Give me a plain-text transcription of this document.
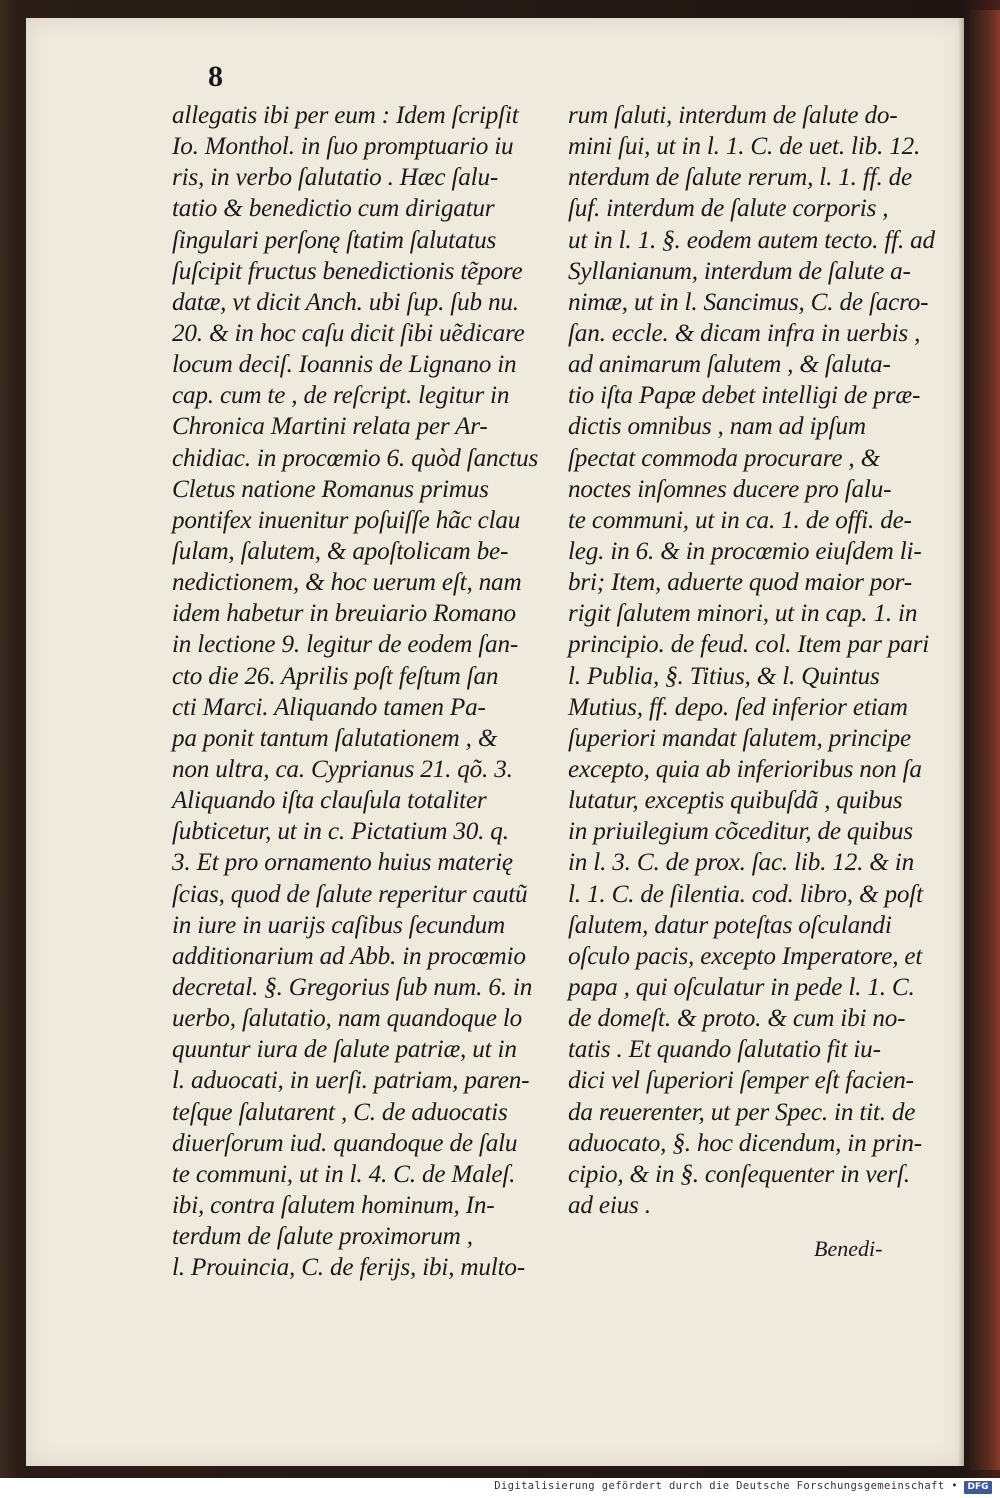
8
allegatis ibi per eum : Idem ſcripſit
Io. Monthol. in ſuo promptuario iu
ris, in verbo ſalutatio . Hæc ſalu-
tatio & benedictio cum dirigatur
ſingulari perſonę ſtatim ſalutatus
ſuſcipit fructus benedictionis tẽpore
datæ, vt dicit Anch. ubi ſup. ſub nu.
20. & in hoc caſu dicit ſibi uẽdicare
locum deciſ. Ioannis de Lignano in
cap. cum te , de reſcript. legitur in
Chronica Martini relata per Ar-
chidiac. in procœmio 6. quòd ſanctus
Cletus natione Romanus primus
pontifex inuenitur poſuiſſe hãc clau
ſulam, ſalutem, & apoſtolicam be-
nedictionem, & hoc uerum eſt, nam
idem habetur in breuiario Romano
in lectione 9. legitur de eodem ſan-
cto die 26. Aprilis poſt feſtum ſan
cti Marci. Aliquando tamen Pa-
pa ponit tantum ſalutationem , &
non ultra, ca. Cyprianus 21. qõ. 3.
Aliquando iſta clauſula totaliter
ſubticetur, ut in c. Pictatium 30. q.
3. Et pro ornamento huius materię
ſcias, quod de ſalute reperitur cautũ
in iure in uarijs caſibus ſecundum
additionarium ad Abb. in procœmio
decretal. §. Gregorius ſub num. 6. in
uerbo, ſalutatio, nam quandoque lo
quuntur iura de ſalute patriæ, ut in
l. aduocati, in uerſi. patriam, paren-
teſque ſalutarent , C. de aduocatis
diuerſorum iud. quandoque de ſalu
te communi, ut in l. 4. C. de Maleſ.
ibi, contra ſalutem hominum, In-
terdum de ſalute proximorum ,
l. Prouincia, C. de ferijs, ibi, multo-
rum ſaluti, interdum de ſalute do-
mini ſui, ut in l. 1. C. de uet. lib. 12.
nterdum de ſalute rerum, l. 1. ff. de
ſuf. interdum de ſalute corporis ,
ut in l. 1. §. eodem autem tecto. ff. ad
Syllanianum, interdum de ſalute a-
nimæ, ut in l. Sancimus, C. de ſacro-
ſan. eccle. & dicam infra in uerbis ,
ad animarum ſalutem , & ſaluta-
tio iſta Papæ debet intelligi de præ-
dictis omnibus , nam ad ipſum
ſpectat commoda procurare , &
noctes inſomnes ducere pro ſalu-
te communi, ut in ca. 1. de offi. de-
leg. in 6. & in procœmio eiuſdem li-
bri; Item, aduerte quod maior por-
rigit ſalutem minori, ut in cap. 1. in
principio. de feud. col. Item par pari
l. Publia, §. Titius, & l. Quintus
Mutius, ff. depo. ſed inferior etiam
ſuperiori mandat ſalutem, principe
excepto, quia ab inferioribus non ſa
lutatur, exceptis quibuſdã , quibus
in priuilegium cõceditur, de quibus
in l. 3. C. de prox. ſac. lib. 12. & in
l. 1. C. de ſilentia. cod. libro, & poſt
ſalutem, datur poteſtas oſculandi
oſculo pacis, excepto Imperatore, et
papa , qui oſculatur in pede l. 1. C.
de domeſt. & proto. & cum ibi no-
tatis . Et quando ſalutatio fit iu-
dici vel ſuperiori ſemper eſt facien-
da reuerenter, ut per Spec. in tit. de
aduocato, §. hoc dicendum, in prin-
cipio, & in §. conſequenter in verſ.
ad eius .
Benedi-
Digitalisierung gefördert durch die Deutsche Forschungsgemeinschaft •	DFG
